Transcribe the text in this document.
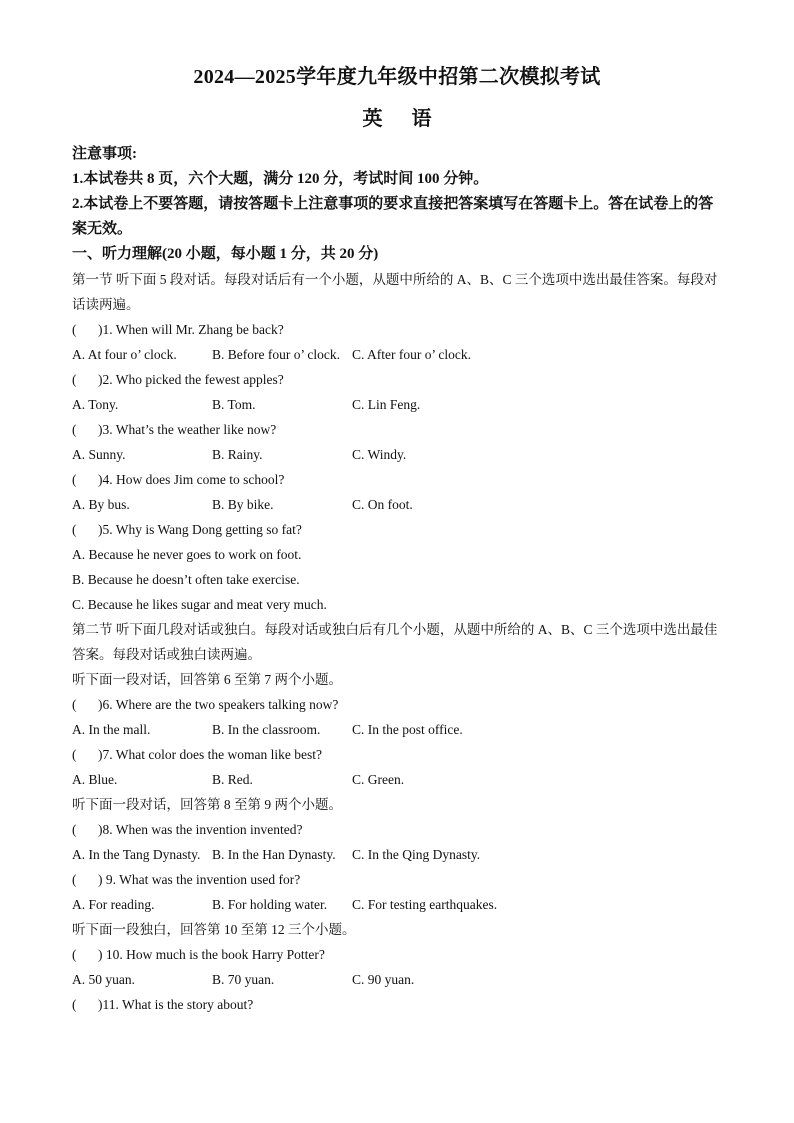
2024—2025学年度九年级中招第二次模拟考试
英 语
注意事项:
1.本试卷共 8 页，六个大题，满分 120 分，考试时间 100 分钟。
2.本试卷上不要答题，请按答题卡上注意事项的要求直接把答案填写在答题卡上。答在试卷上的答案无效。
一、听力理解(20 小题，每小题 1 分，共 20 分)
第一节 听下面 5 段对话。每段对话后有一个小题，从题中所给的 A、B、C 三个选项中选出最佳答案。每段对话读两遍。
( )1. When will Mr. Zhang be back?
A. At four o’ clock.	B. Before four o’ clock. C. After four o’ clock.
( )2. Who picked the fewest apples?
A. Tony.	B. Tom.	C. Lin Feng.
( )3. What’s the weather like now?
A. Sunny.	B. Rainy.	C. Windy.
( )4. How does Jim come to school?
A. By bus.	B. By bike.	C. On foot.
( )5. Why is Wang Dong getting so fat?
A. Because he never goes to work on foot.
B. Because he doesn’t often take exercise.
C. Because he likes sugar and meat very much.
第二节 听下面几段对话或独白。每段对话或独白后有几个小题，从题中所给的 A、B、C 三个选项中选出最佳答案。每段对话或独白读两遍。
听下面一段对话，回答第 6 至第 7 两个小题。
( )6. Where are the two speakers talking now?
A. In the mall.	B. In the classroom.	C. In the post office.
( )7. What color does the woman like best?
A. Blue.	B. Red.	C. Green.
听下面一段对话，回答第 8 至第 9 两个小题。
( )8. When was the invention invented?
A. In the Tang Dynasty. B. In the Han Dynasty.	C. In the Qing Dynasty.
( ) 9. What was the invention used for?
A. For reading.	B. For holding water.	C. For testing earthquakes.
听下面一段独白，回答第 10 至第 12 三个小题。
( ) 10. How much is the book Harry Potter?
A. 50 yuan.	B. 70 yuan.	C. 90 yuan.
( )11. What is the story about?
